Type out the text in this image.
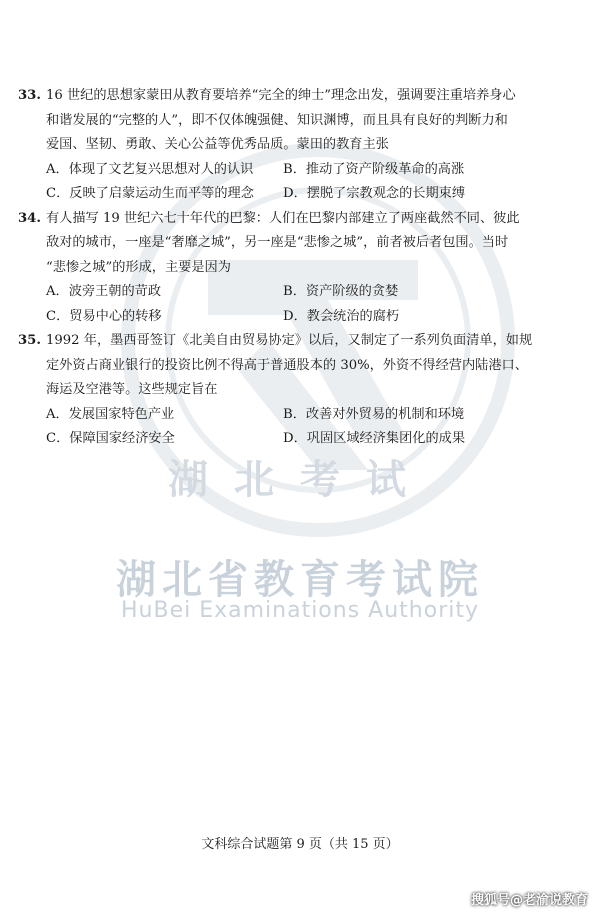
湖北考试
湖北省教育考试院
HuBei Examinations Authority
33. 16 世纪的思想家蒙田从教育要培养“完全的绅士”理念出发，强调要注重培养身心
和谐发展的“完整的人”，即不仅体魄强健、知识渊博，而且具有良好的判断力和
爱国、坚韧、勇敢、关心公益等优秀品质。蒙田的教育主张
A．体现了文艺复兴思想对人的认识	B．推动了资产阶级革命的高涨
C．反映了启蒙运动生而平等的理念	D．摆脱了宗教观念的长期束缚
34. 有人描写 19 世纪六七十年代的巴黎：人们在巴黎内部建立了两座截然不同、彼此
敌对的城市，一座是“奢靡之城”，另一座是“悲惨之城”，前者被后者包围。当时
“悲惨之城”的形成，主要是因为
A．波旁王朝的苛政	B．资产阶级的贪婪
C．贸易中心的转移	D．教会统治的腐朽
35. 1992 年，墨西哥签订《北美自由贸易协定》以后，又制定了一系列负面清单，如规
定外资占商业银行的投资比例不得高于普通股本的 30%，外资不得经营内陆港口、
海运及空港等。这些规定旨在
A．发展国家特色产业	B．改善对外贸易的机制和环境
C．保障国家经济安全	D．巩固区域经济集团化的成果
文科综合试题第 9 页（共 15 页）
搜狐号@老渝说教育
